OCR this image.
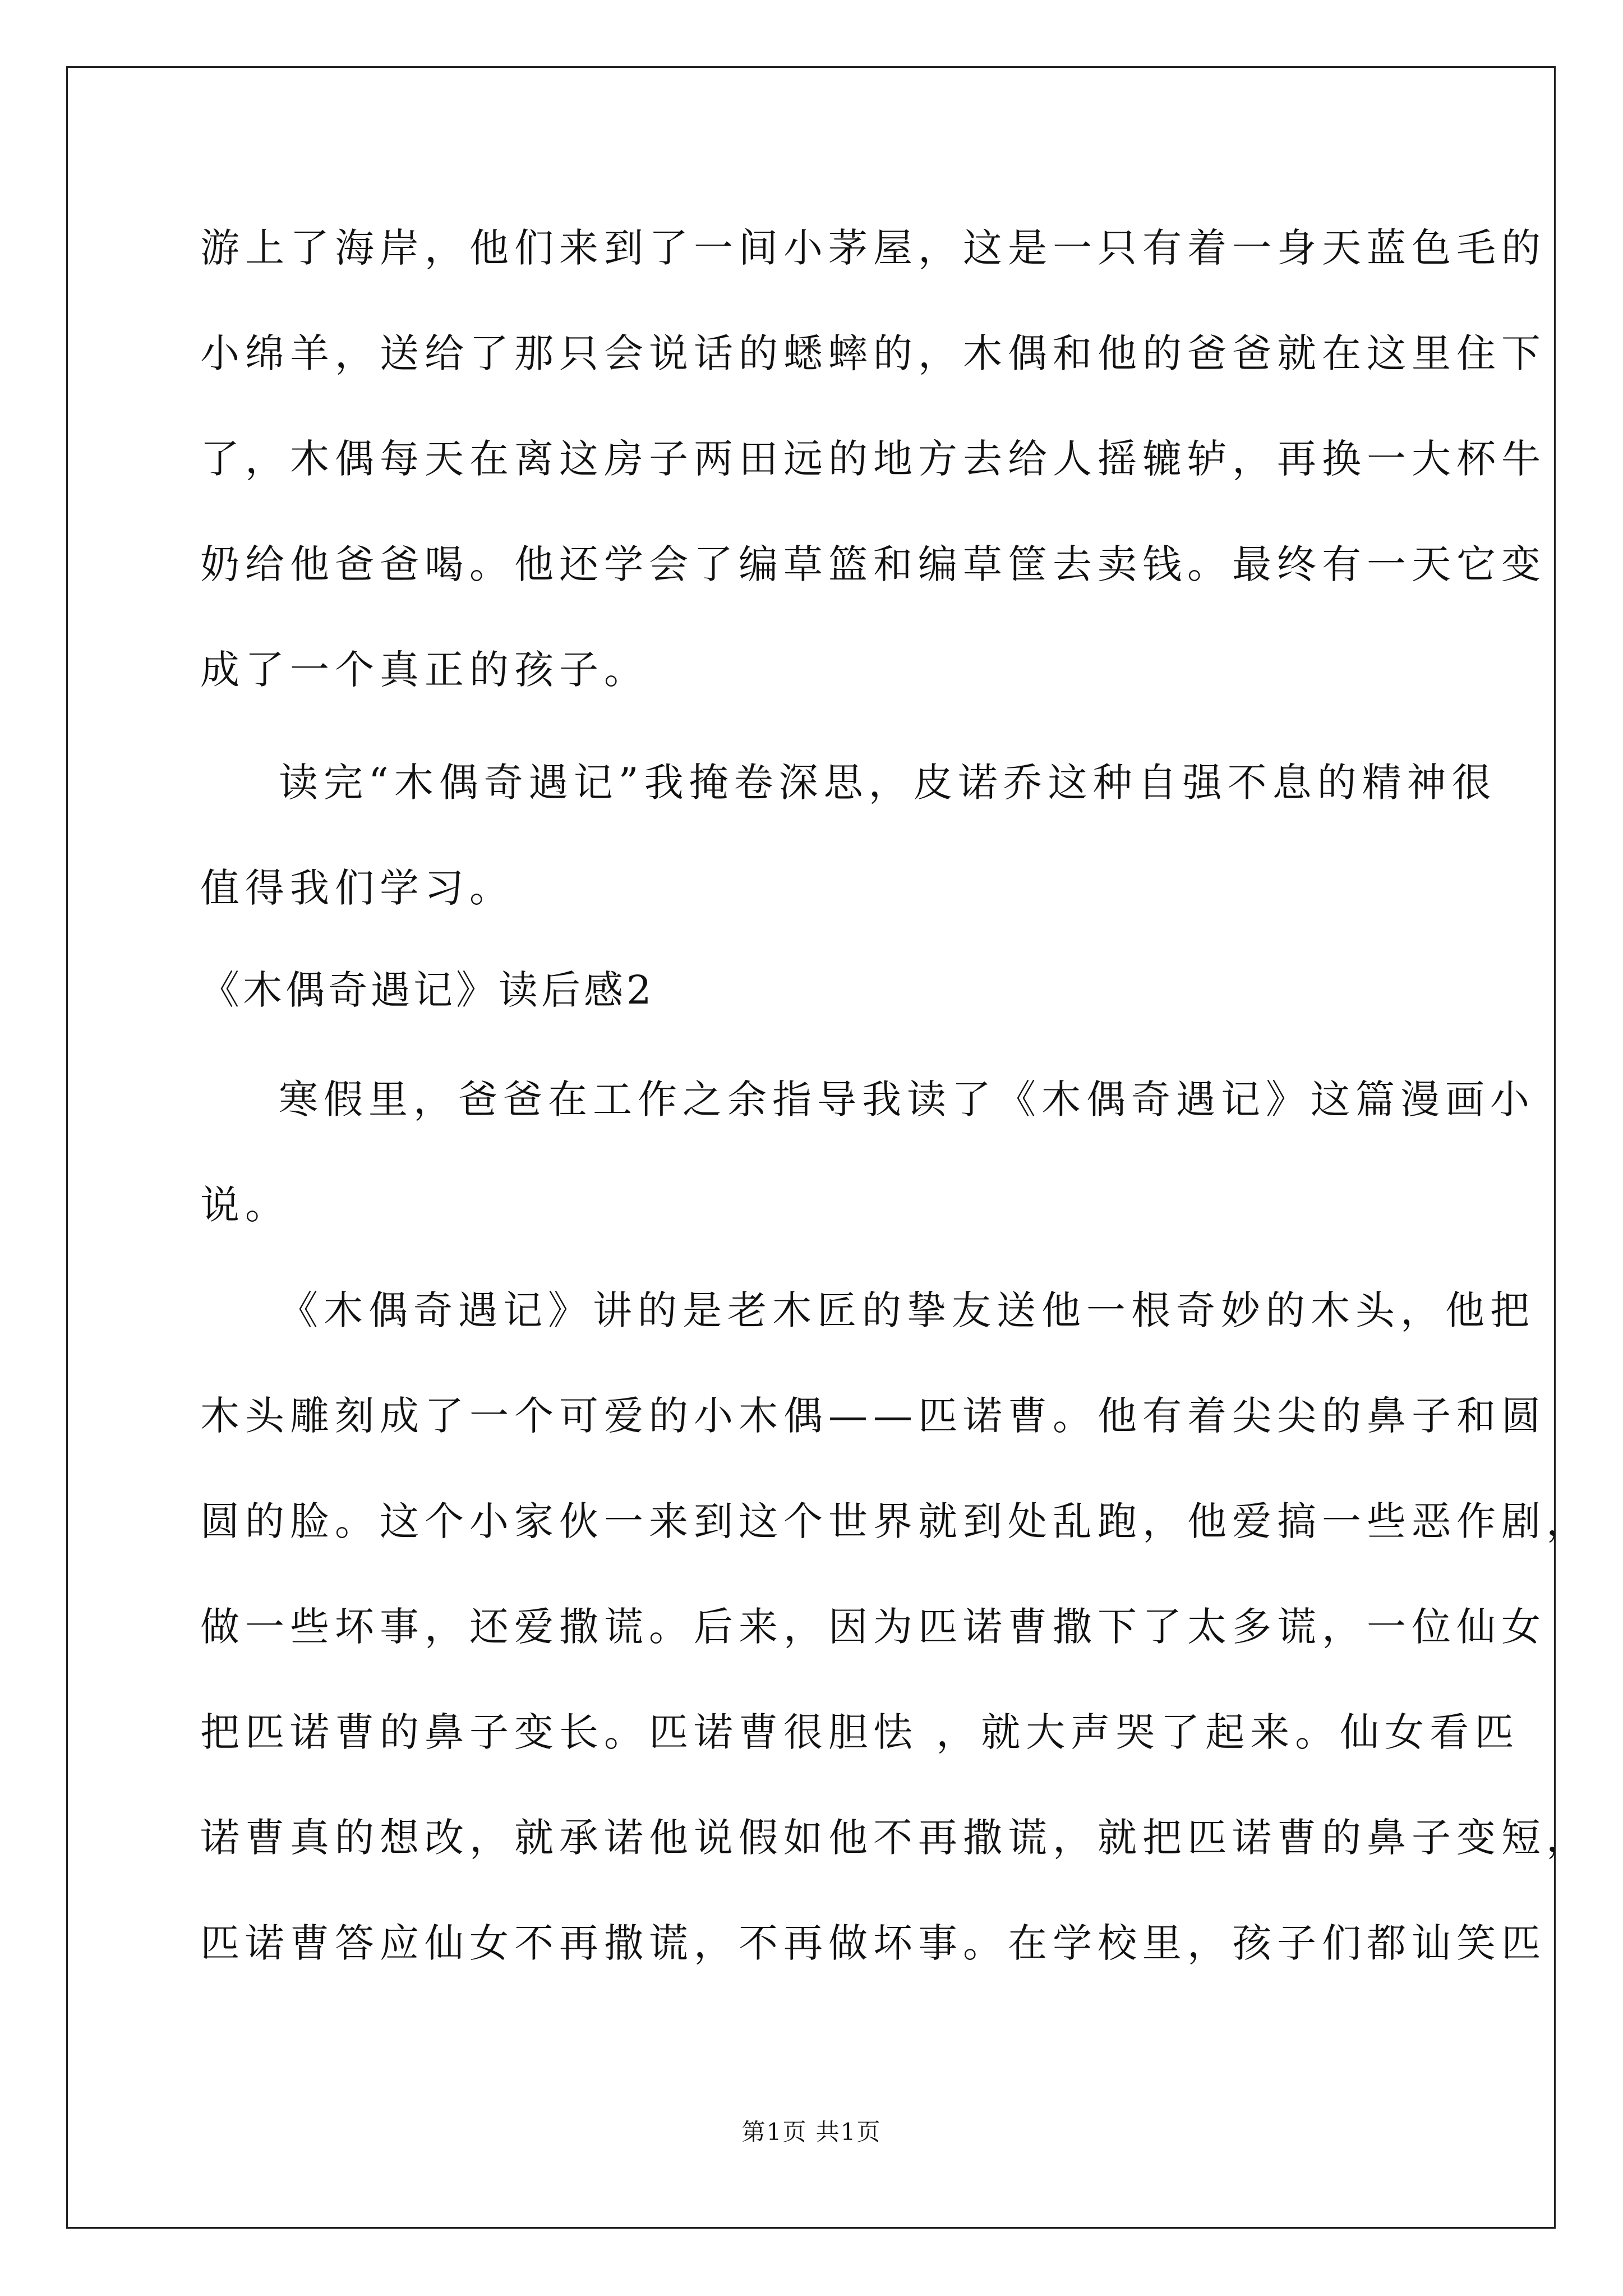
游上了海岸，他们来到了一间小茅屋，这是一只有着一身天蓝色毛的

小绵羊，送给了那只会说话的蟋蟀的，木偶和他的爸爸就在这里住下

了，木偶每天在离这房子两田远的地方去给人摇辘轳，再换一大杯牛

奶给他爸爸喝。他还学会了编草篮和编草筐去卖钱。最终有一天它变

成了一个真正的孩子。

读完“木偶奇遇记”我掩卷深思，皮诺乔这种自强不息的精神很

值得我们学习。

《木偶奇遇记》读后感2

寒假里，爸爸在工作之余指导我读了《木偶奇遇记》这篇漫画小

说。

《木偶奇遇记》讲的是老木匠的挚友送他一根奇妙的木头，他把

木头雕刻成了一个可爱的小木偶——匹诺曹。他有着尖尖的鼻子和圆

圆的脸。这个小家伙一来到这个世界就到处乱跑，他爱搞一些恶作剧，

做一些坏事，还爱撒谎。后来，因为匹诺曹撒下了太多谎，一位仙女

把匹诺曹的鼻子变长。匹诺曹很胆怯 ，就大声哭了起来。仙女看匹

诺曹真的想改，就承诺他说假如他不再撒谎，就把匹诺曹的鼻子变短，

匹诺曹答应仙女不再撒谎，不再做坏事。在学校里，孩子们都讪笑匹

第1页 共1页
